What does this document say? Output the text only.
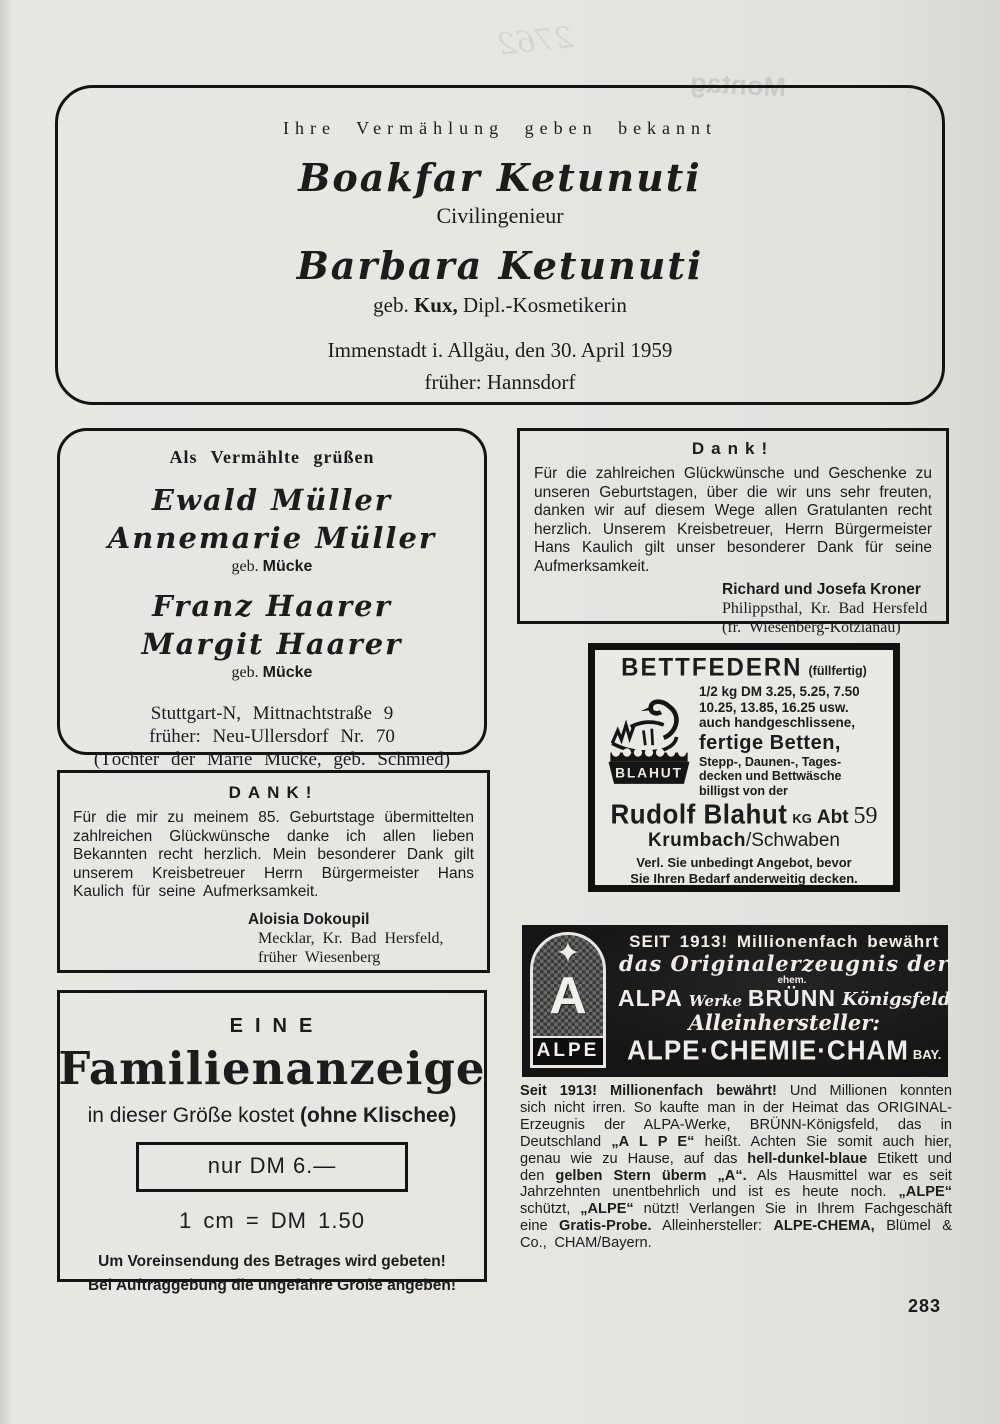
2762
Montag
Ihre Vermählung geben bekannt
Boakfar Ketunuti
Civilingenieur
Barbara Ketunuti
geb. Kux, Dipl.-Kosmetikerin
Immenstadt i. Allgäu, den 30. April 1959
früher: Hannsdorf
Als Vermählte grüßen
Ewald Müller
Annemarie Müller
geb. Mücke
Franz Haarer
Margit Haarer
geb. Mücke
Stuttgart-N, Mittnachtstraße 9
früher: Neu-Ullersdorf Nr. 70
(Töchter der Marie Mücke, geb. Schmied)
Dank!
Für die zahlreichen Glückwünsche und Geschenke zu unseren Geburtstagen, über die wir uns sehr freuten, danken wir auf diesem Wege allen Gratulanten recht herzlich. Unserem Kreisbetreuer, Herrn Bürgermeister Hans Kaulich gilt unser besonderer Dank für seine Aufmerksamkeit.
Richard und Josefa Kroner
Philippsthal, Kr. Bad Hersfeld
(fr. Wiesenberg-Kotzianau)
BETTFEDERN (füllfertig)
BLAHUT
1/2 kg DM 3.25, 5.25, 7.50
10.25, 13.85, 16.25 usw.
auch handgeschlissene,
fertige Betten,
Stepp-, Daunen-, Tages-
decken und Bettwäsche
billigst von der
Rudolf Blahut KG Abt 59
Krumbach/Schwaben
Verl. Sie unbedingt Angebot, bevor
Sie Ihren Bedarf anderweitig decken.
DANK!
Für die mir zu meinem 85. Geburtstage übermittelten zahlreichen Glückwünsche danke ich allen lieben Bekannten recht herzlich. Mein besonderer Dank gilt unserem Kreisbetreuer Herrn Bürgermeister Hans Kaulich für seine Aufmerksamkeit.
Aloisia Dokoupil
Mecklar, Kr. Bad Hersfeld,
früher Wiesenberg	✦
A
ALPE
SEIT 1913! Millionenfach bewährt
das Originalerzeugnis der
ALPA Werke
ehem.
BRÜNN Königsfeld
Alleinhersteller:
ALPE·CHEMIE·CHAM BAY.
EINE
Familienanzeige
in dieser Größe kostet (ohne Klischee)
nur DM 6.—
1 cm = DM 1.50
Um Voreinsendung des Betrages wird gebeten!
Bei Auftraggebung die ungefähre Größe angeben!
Seit 1913! Millionenfach bewährt! Und Millionen konnten sich nicht irren. So kaufte man in der Heimat das ORIGINAL-Erzeugnis der ALPA-Werke, BRÜNN-Königsfeld, das in Deutschland „A L P E“ heißt. Achten Sie somit auch hier, genau wie zu Hause, auf das hell-dunkel-blaue Etikett und den gelben Stern überm „A“. Als Hausmittel war es seit Jahrzehnten unentbehrlich und ist es heute noch. „ALPE“ schützt, „ALPE“ nützt! Verlangen Sie in Ihrem Fachgeschäft eine Gratis-Probe. Alleinhersteller: ALPE-CHEMA, Blümel & Co., CHAM/Bayern.
283
